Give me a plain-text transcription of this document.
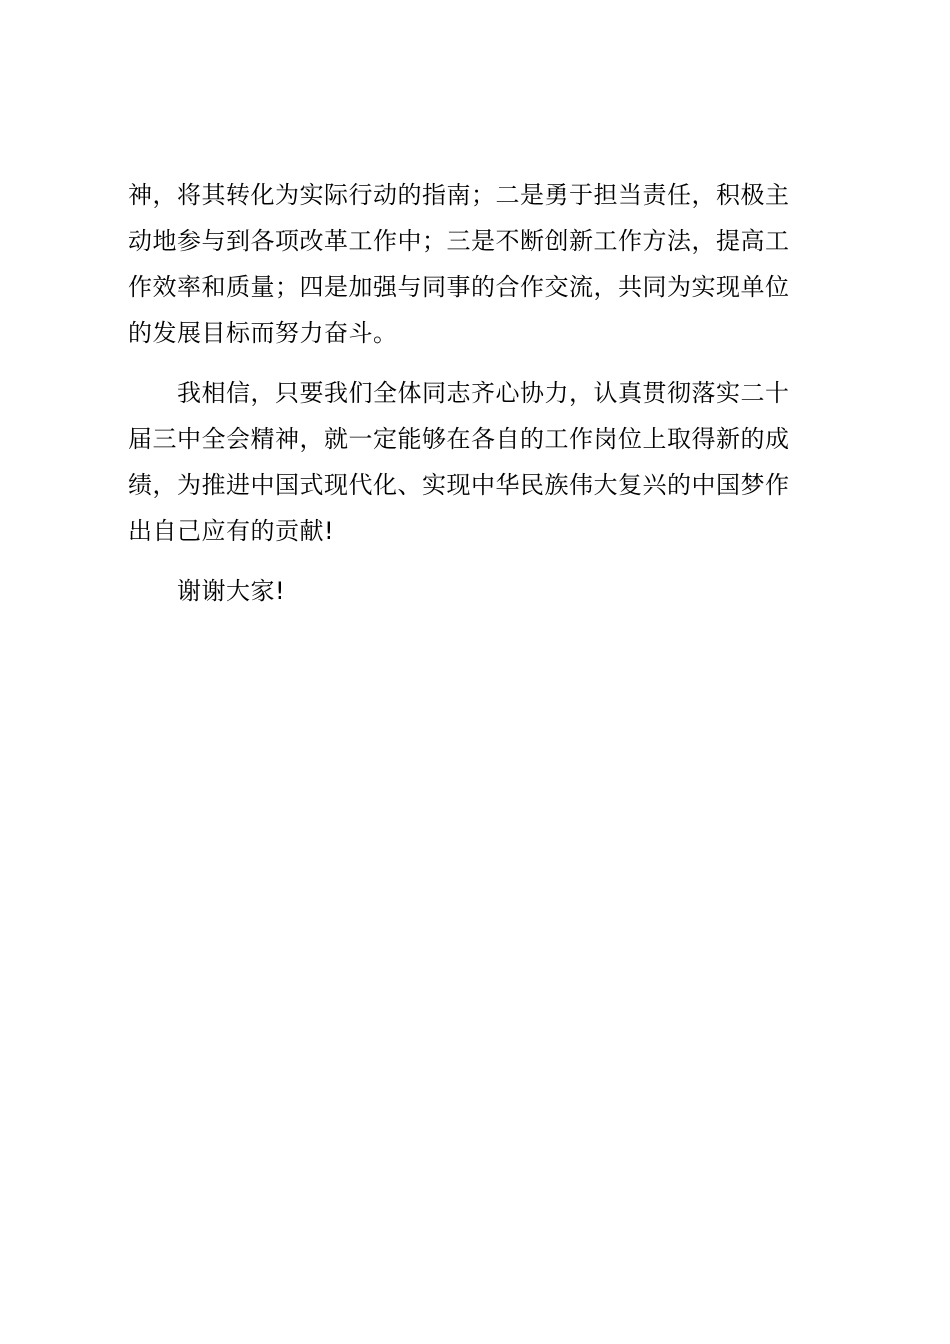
神，将其转化为实际行动的指南；二是勇于担当责任，积极主
动地参与到各项改革工作中；三是不断创新工作方法，提高工
作效率和质量；四是加强与同事的合作交流，共同为实现单位
的发展目标而努力奋斗。

我相信，只要我们全体同志齐心协力，认真贯彻落实二十
届三中全会精神，就一定能够在各自的工作岗位上取得新的成
绩，为推进中国式现代化、实现中华民族伟大复兴的中国梦作
出自己应有的贡献!

谢谢大家!
